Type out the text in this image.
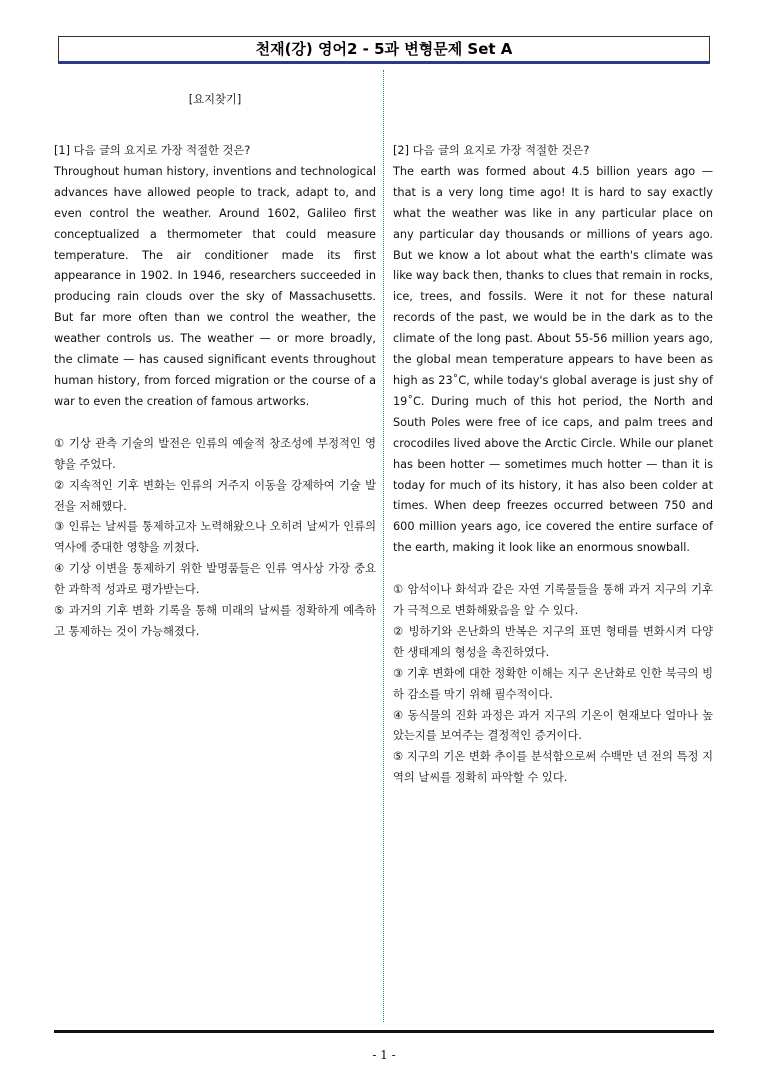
천재(강) 영어2 - 5과 변형문제 Set A
[요지찾기]

[1] 다음 글의 요지로 가장 적절한 것은?

Throughout human history, inventions and technological advances have allowed people to track, adapt to, and even control the weather. Around 1602, Galileo first conceptualized a thermometer that could measure temperature. The air conditioner made its first appearance in 1902. In 1946, researchers succeeded in producing rain clouds over the sky of Massachusetts. But far more often than we control the weather, the weather controls us. The weather — or more broadly, the climate — has caused significant events throughout human history, from forced migration or the course of a war to even the creation of famous artworks.

① 기상 관측 기술의 발전은 인류의 예술적 창조성에 부정적인 영향을 주었다.

② 지속적인 기후 변화는 인류의 거주지 이동을 강제하여 기술 발전을 저해했다.

③ 인류는 날씨를 통제하고자 노력해왔으나 오히려 날씨가 인류의 역사에 중대한 영향을 끼쳤다.

④ 기상 이변을 통제하기 위한 발명품들은 인류 역사상 가장 중요한 과학적 성과로 평가받는다.

⑤ 과거의 기후 변화 기록을 통해 미래의 날씨를 정확하게 예측하고 통제하는 것이 가능해졌다.

[2] 다음 글의 요지로 가장 적절한 것은?

The earth was formed about 4.5 billion years ago — that is a very long time ago! It is hard to say exactly what the weather was like in any particular place on any particular day thousands or millions of years ago. But we know a lot about what the earth's climate was like way back then, thanks to clues that remain in rocks, ice, trees, and fossils. Were it not for these natural records of the past, we would be in the dark as to the climate of the long past. About 55-56 million years ago, the global mean temperature appears to have been as high as 23˚C, while today's global average is just shy of 19˚C. During much of this hot period, the North and South Poles were free of ice caps, and palm trees and crocodiles lived above the Arctic Circle. While our planet has been hotter — sometimes much hotter — than it is today for much of its history, it has also been colder at times. When deep freezes occurred between 750 and 600 million years ago, ice covered the entire surface of the earth, making it look like an enormous snowball.

① 암석이나 화석과 같은 자연 기록물들을 통해 과거 지구의 기후가 극적으로 변화해왔음을 알 수 있다.

② 빙하기와 온난화의 반복은 지구의 표면 형태를 변화시켜 다양한 생태계의 형성을 촉진하였다.

③ 기후 변화에 대한 정확한 이해는 지구 온난화로 인한 북극의 빙하 감소를 막기 위해 필수적이다.

④ 동식물의 진화 과정은 과거 지구의 기온이 현재보다 얼마나 높았는지를 보여주는 결정적인 증거이다.

⑤ 지구의 기온 변화 추이를 분석함으로써 수백만 년 전의 특정 지역의 날씨를 정확히 파악할 수 있다.

- 1 -
